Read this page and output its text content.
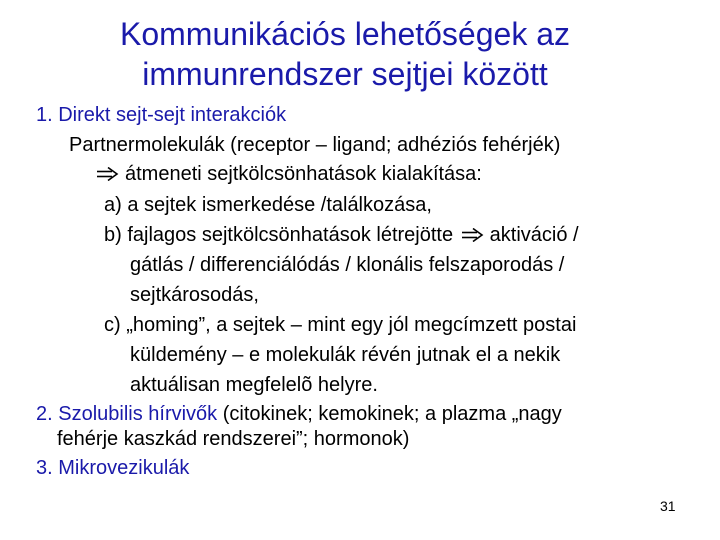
Kommunikációs lehetőségek az
immunrendszer sejtjei között
1. Direkt sejt-sejt interakciók
Partnermolekulák (receptor – ligand; adhéziós fehérjék)
átmeneti sejtkölcsönhatások kialakítása:
a) a sejtek ismerkedése /találkozása,
b) fajlagos sejtkölcsönhatások létrejötte aktiváció /
gátlás / differenciálódás / klonális felszaporodás /
sejtkárosodás,
c) „homing”, a sejtek – mint egy jól megcímzett postai
küldemény – e molekulák révén jutnak el a nekik
aktuálisan megfelelõ helyre.
2. Szolubilis hírvivők (citokinek; kemokinek; a plazma „nagy
fehérje kaszkád rendszerei”; hormonok)
3. Mikrovezikulák
31
